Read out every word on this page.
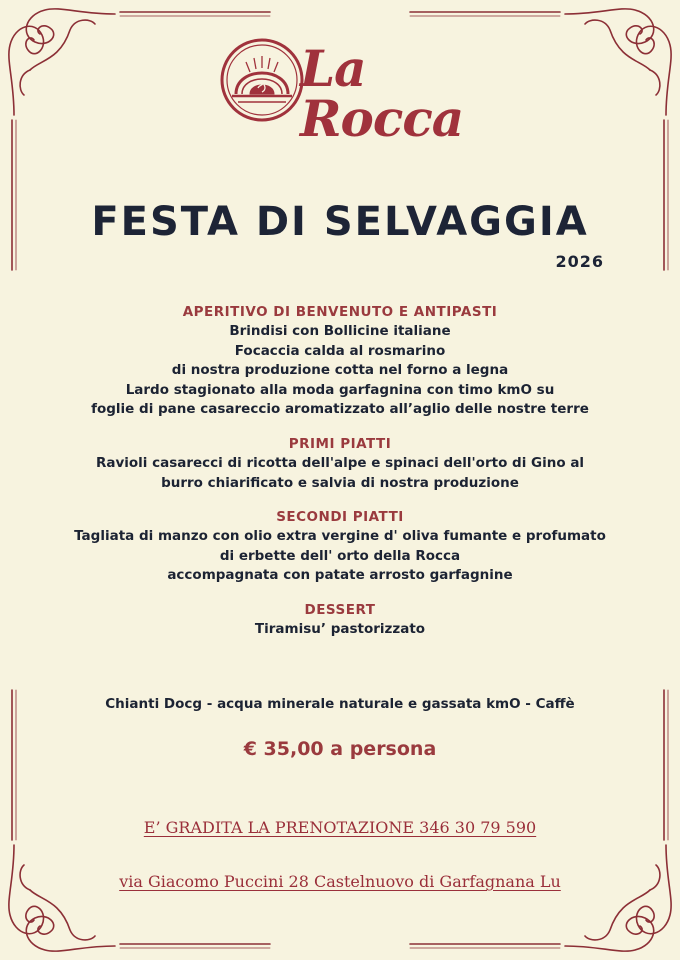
La Rocca
FESTA DI SELVAGGIA
2026
APERITIVO DI BENVENUTO E ANTIPASTI
Brindisi con Bollicine italiane
Focaccia calda al rosmarino
di nostra produzione cotta nel forno a legna
Lardo stagionato alla moda garfagnina con timo kmO su
foglie di pane casareccio aromatizzato all’aglio delle nostre terre
PRIMI PIATTI
Ravioli casarecci di ricotta dell'alpe e spinaci dell'orto di Gino al
burro chiarificato e salvia di nostra produzione
SECONDI PIATTI
Tagliata di manzo con olio extra vergine d' oliva fumante e profumato
di erbette dell' orto della Rocca
accompagnata con patate arrosto garfagnine
DESSERT
Tiramisu’ pastorizzato
Chianti Docg - acqua minerale naturale e gassata kmO - Caffè
€ 35,00 a persona
E’ GRADITA LA PRENOTAZIONE 346 30 79 590
via Giacomo Puccini 28 Castelnuovo di Garfagnana Lu
